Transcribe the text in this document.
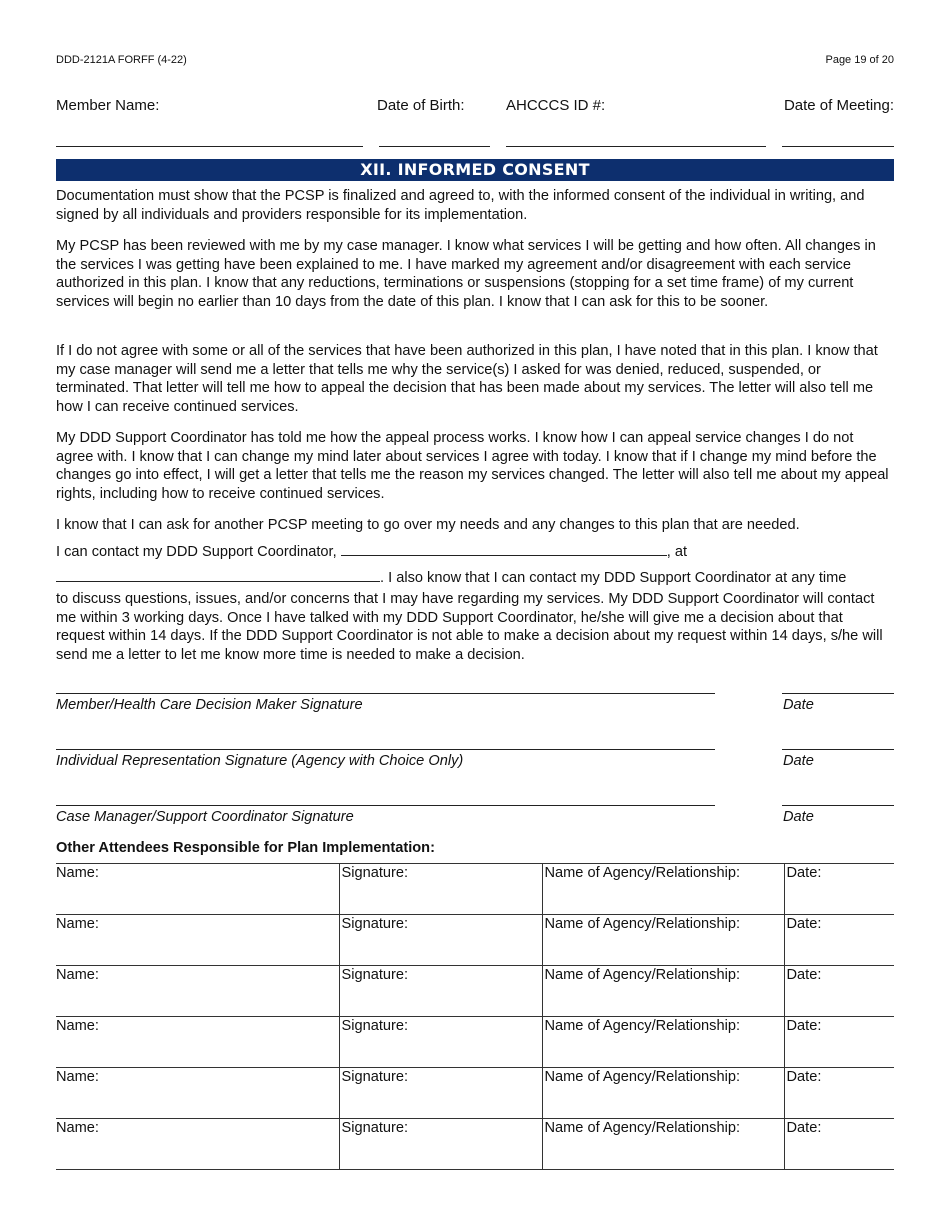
DDD-2121A FORFF (4-22)	Page 19 of 20
Member Name:	Date of Birth:	AHCCCS ID #:	Date of Meeting:
XII. INFORMED CONSENT

Documentation must show that the PCSP is finalized and agreed to, with the informed consent of the individual in writing, and signed by all individuals and providers responsible for its implementation.

My PCSP has been reviewed with me by my case manager. I know what services I will be getting and how often. All changes in the services I was getting have been explained to me. I have marked my agreement and/or disagreement with each service authorized in this plan. I know that any reductions, terminations or suspensions (stopping for a set time frame) of my current services will begin no earlier than 10 days from the date of this plan. I know that I can ask for this to be sooner.

If I do not agree with some or all of the services that have been authorized in this plan, I have noted that in this plan. I know that my case manager will send me a letter that tells me why the service(s) I asked for was denied, reduced, suspended, or terminated. That letter will tell me how to appeal the decision that has been made about my services. The letter will also tell me how I can receive continued services.

My DDD Support Coordinator has told me how the appeal process works. I know how I can appeal service changes I do not agree with. I know that I can change my mind later about services I agree with today. I know that if I change my mind before the changes go into effect, I will get a letter that tells me the reason my services changed. The letter will also tell me about my appeal rights, including how to receive continued services.

I know that I can ask for another PCSP meeting to go over my needs and any changes to this plan that are needed.

I can contact my DDD Support Coordinator,	, at
. I also know that I can contact my DDD Support Coordinator at any time

to discuss questions, issues, and/or concerns that I may have regarding my services. My DDD Support Coordinator will contact me within 3 working days. Once I have talked with my DDD Support Coordinator, he/she will give me a decision about that request within 14 days. If the DDD Support Coordinator is not able to make a decision about my request within 14 days, s/he will send me a letter to let me know more time is needed to make a decision.

Member/Health Care Decision Maker Signature	Date
Individual Representation Signature (Agency with Choice Only)	Date
Case Manager/Support Coordinator Signature	Date
Other Attendees Responsible for Plan Implementation:
Name:	Signature:	Name of Agency/Relationship:	Date:
Name:	Signature:	Name of Agency/Relationship:	Date:
Name:	Signature:	Name of Agency/Relationship:	Date:
Name:	Signature:	Name of Agency/Relationship:	Date:
Name:	Signature:	Name of Agency/Relationship:	Date:
Name:	Signature:	Name of Agency/Relationship:	Date:
